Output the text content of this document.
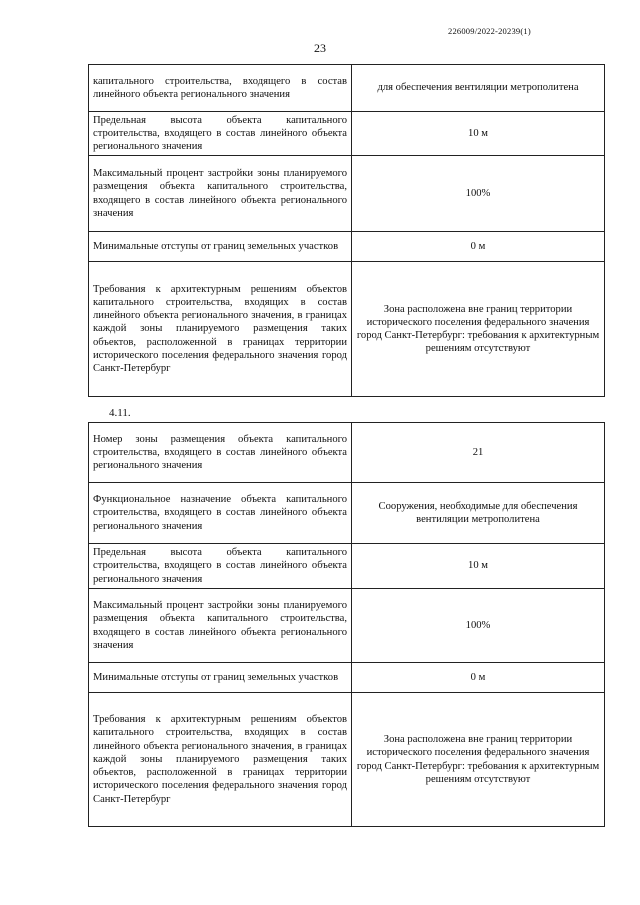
226009/2022-20239(1)
23
капитального строительства, входящего в состав линейного объекта регионального значения	для обеспечения вентиляции метрополитена
Предельная высота объекта капитального строительства, входящего в состав линейного объекта регионального значения	10 м
Максимальный процент застройки зоны планируемого размещения объекта капитального строительства, входящего в состав линейного объекта регионального значения	100%
Минимальные отступы от границ земельных участков	0 м
Требования к архитектурным решениям объектов капитального строительства, входящих в состав линейного объекта регионального значения, в границах каждой зоны планируемого размещения таких объектов, расположенной в границах территории исторического поселения федерального значения город Санкт-Петербург	Зона расположена вне границ территории исторического поселения федерального значения город Санкт-Петербург: требования к архитектурным решениям отсутствуют
4.11.
Номер зоны размещения объекта капитального строительства, входящего в состав линейного объекта регионального значения	21
Функциональное назначение объекта капитального строительства, входящего в состав линейного объекта регионального значения	Сооружения, необходимые для обеспечения вентиляции метрополитена
Предельная высота объекта капитального строительства, входящего в состав линейного объекта регионального значения	10 м
Максимальный процент застройки зоны планируемого размещения объекта капитального строительства, входящего в состав линейного объекта регионального значения	100%
Минимальные отступы от границ земельных участков	0 м
Требования к архитектурным решениям объектов капитального строительства, входящих в состав линейного объекта регионального значения, в границах каждой зоны планируемого размещения таких объектов, расположенной в границах территории исторического поселения федерального значения город Санкт-Петербург	Зона расположена вне границ территории исторического поселения федерального значения город Санкт-Петербург: требования к архитектурным решениям отсутствуют
